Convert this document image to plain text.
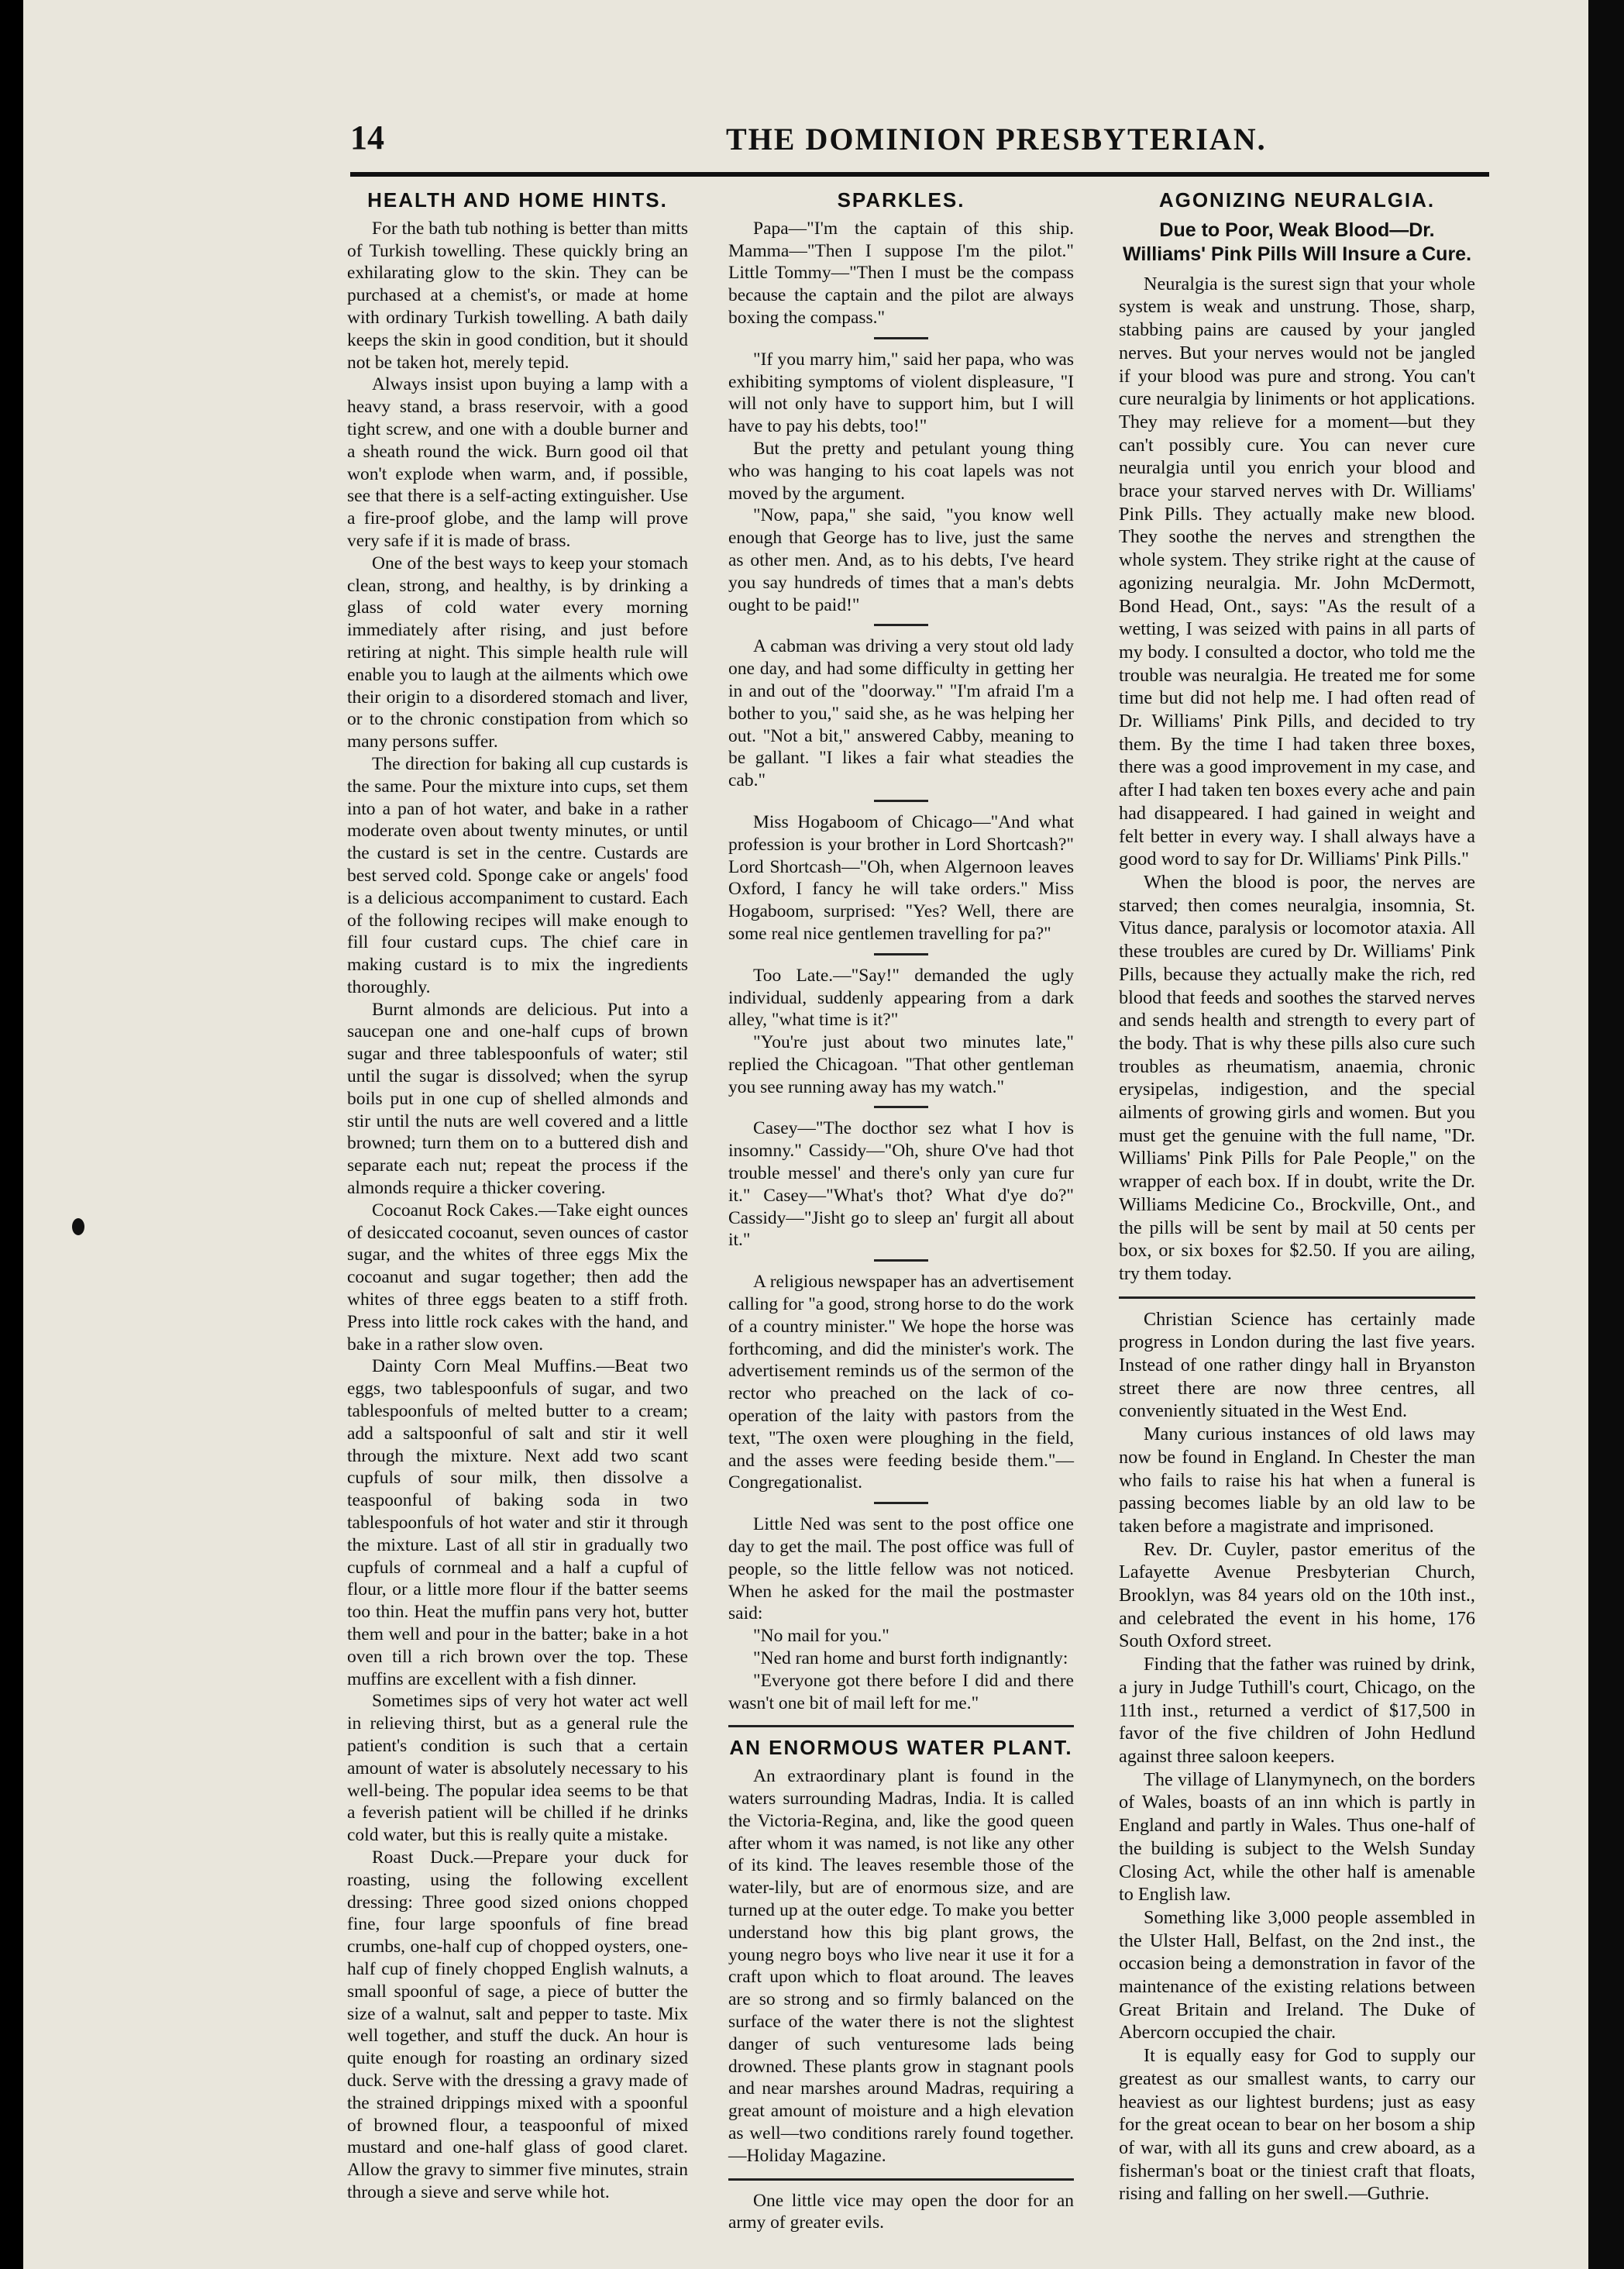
14	THE DOMINION PRESBYTERIAN.
HEALTH AND HOME HINTS.

For the bath tub nothing is better than mitts of Turkish towelling. These quickly bring an exhilarating glow to the skin. They can be purchased at a chemist's, or made at home with ordinary Turkish towelling. A bath daily keeps the skin in good condition, but it should not be taken hot, merely tepid.

Always insist upon buying a lamp with a heavy stand, a brass reservoir, with a good tight screw, and one with a double burner and a sheath round the wick. Burn good oil that won't explode when warm, and, if possible, see that there is a self-acting extinguisher. Use a fire-proof globe, and the lamp will prove very safe if it is made of brass.

One of the best ways to keep your stomach clean, strong, and healthy, is by drinking a glass of cold water every morning immediately after rising, and just before retiring at night. This simple health rule will enable you to laugh at the ailments which owe their origin to a disordered stomach and liver, or to the chronic constipation from which so many persons suffer.

The direction for baking all cup custards is the same. Pour the mixture into cups, set them into a pan of hot water, and bake in a rather moderate oven about twenty minutes, or until the custard is set in the centre. Custards are best served cold. Sponge cake or angels' food is a delicious accompaniment to custard. Each of the following recipes will make enough to fill four custard cups. The chief care in making custard is to mix the ingredients thoroughly.

Burnt almonds are delicious. Put into a saucepan one and one-half cups of brown sugar and three tablespoonfuls of water; stil until the sugar is dissolved; when the syrup boils put in one cup of shelled almonds and stir until the nuts are well covered and a little browned; turn them on to a buttered dish and separate each nut; repeat the process if the almonds require a thicker covering.

Cocoanut Rock Cakes.—Take eight ounces of desiccated cocoanut, seven ounces of castor sugar, and the whites of three eggs Mix the cocoanut and sugar together; then add the whites of three eggs beaten to a stiff froth. Press into little rock cakes with the hand, and bake in a rather slow oven.

Dainty Corn Meal Muffins.—Beat two eggs, two tablespoonfuls of sugar, and two tablespoonfuls of melted butter to a cream; add a saltspoonful of salt and stir it well through the mixture. Next add two scant cupfuls of sour milk, then dissolve a teaspoonful of baking soda in two tablespoonfuls of hot water and stir it through the mixture. Last of all stir in gradually two cupfuls of cornmeal and a half a cupful of flour, or a little more flour if the batter seems too thin. Heat the muffin pans very hot, butter them well and pour in the batter; bake in a hot oven till a rich brown over the top. These muffins are excellent with a fish dinner.

Sometimes sips of very hot water act well in relieving thirst, but as a general rule the patient's condition is such that a certain amount of water is absolutely necessary to his well-being. The popular idea seems to be that a feverish patient will be chilled if he drinks cold water, but this is really quite a mistake.

Roast Duck.—Prepare your duck for roasting, using the following excellent dressing: Three good sized onions chopped fine, four large spoonfuls of fine bread crumbs, one-half cup of chopped oysters, one-half cup of finely chopped English walnuts, a small spoonful of sage, a piece of butter the size of a walnut, salt and pepper to taste. Mix well together, and stuff the duck. An hour is quite enough for roasting an ordinary sized duck. Serve with the dressing a gravy made of the strained drippings mixed with a spoonful of browned flour, a teaspoonful of mixed mustard and one-half glass of good claret. Allow the gravy to simmer five minutes, strain through a sieve and serve while hot.

SPARKLES.

Papa—"I'm the captain of this ship. Mamma—"Then I suppose I'm the pilot." Little Tommy—"Then I must be the compass because the captain and the pilot are always boxing the compass."

"If you marry him," said her papa, who was exhibiting symptoms of violent displeasure, "I will not only have to support him, but I will have to pay his debts, too!"

But the pretty and petulant young thing who was hanging to his coat lapels was not moved by the argument.

"Now, papa," she said, "you know well enough that George has to live, just the same as other men. And, as to his debts, I've heard you say hundreds of times that a man's debts ought to be paid!"

A cabman was driving a very stout old lady one day, and had some difficulty in getting her in and out of the "doorway." "I'm afraid I'm a bother to you," said she, as he was helping her out. "Not a bit," answered Cabby, meaning to be gallant. "I likes a fair what steadies the cab."

Miss Hogaboom of Chicago—"And what profession is your brother in Lord Shortcash?" Lord Shortcash—"Oh, when Algernoon leaves Oxford, I fancy he will take orders." Miss Hogaboom, surprised: "Yes? Well, there are some real nice gentlemen travelling for pa?"

Too Late.—"Say!" demanded the ugly individual, suddenly appearing from a dark alley, "what time is it?"

"You're just about two minutes late," replied the Chicagoan. "That other gentleman you see running away has my watch."

Casey—"The docthor sez what I hov is insomny." Cassidy—"Oh, shure O've had thot trouble messel' and there's only yan cure fur it." Casey—"What's thot? What d'ye do?" Cassidy—"Jisht go to sleep an' furgit all about it."

A religious newspaper has an advertisement calling for "a good, strong horse to do the work of a country minister." We hope the horse was forthcoming, and did the minister's work. The advertisement reminds us of the sermon of the rector who preached on the lack of co-operation of the laity with pastors from the text, "The oxen were ploughing in the field, and the asses were feeding beside them."—Congregationalist.

Little Ned was sent to the post office one day to get the mail. The post office was full of people, so the little fellow was not noticed. When he asked for the mail the postmaster said:

"No mail for you."

"Ned ran home and burst forth indignantly:

"Everyone got there before I did and there wasn't one bit of mail left for me."

AN ENORMOUS WATER PLANT.

An extraordinary plant is found in the waters surrounding Madras, India. It is called the Victoria-Regina, and, like the good queen after whom it was named, is not like any other of its kind. The leaves resemble those of the water-lily, but are of enormous size, and are turned up at the outer edge. To make you better understand how this big plant grows, the young negro boys who live near it use it for a craft upon which to float around. The leaves are so strong and so firmly balanced on the surface of the water there is not the slightest danger of such venturesome lads being drowned. These plants grow in stagnant pools and near marshes around Madras, requiring a great amount of moisture and a high elevation as well—two conditions rarely found together.—Holiday Magazine.

One little vice may open the door for an army of greater evils.

AGONIZING NEURALGIA.
Due to Poor, Weak Blood—Dr. Williams' Pink Pills Will Insure a Cure.

Neuralgia is the surest sign that your whole system is weak and unstrung. Those, sharp, stabbing pains are caused by your jangled nerves. But your nerves would not be jangled if your blood was pure and strong. You can't cure neuralgia by liniments or hot applications. They may relieve for a moment—but they can't possibly cure. You can never cure neuralgia until you enrich your blood and brace your starved nerves with Dr. Williams' Pink Pills. They actually make new blood. They soothe the nerves and strengthen the whole system. They strike right at the cause of agonizing neuralgia. Mr. John McDermott, Bond Head, Ont., says: "As the result of a wetting, I was seized with pains in all parts of my body. I consulted a doctor, who told me the trouble was neuralgia. He treated me for some time but did not help me. I had often read of Dr. Williams' Pink Pills, and decided to try them. By the time I had taken three boxes, there was a good improvement in my case, and after I had taken ten boxes every ache and pain had disappeared. I had gained in weight and felt better in every way. I shall always have a good word to say for Dr. Williams' Pink Pills."

When the blood is poor, the nerves are starved; then comes neuralgia, insomnia, St. Vitus dance, paralysis or locomotor ataxia. All these troubles are cured by Dr. Williams' Pink Pills, because they actually make the rich, red blood that feeds and soothes the starved nerves and sends health and strength to every part of the body. That is why these pills also cure such troubles as rheumatism, anaemia, chronic erysipelas, indigestion, and the special ailments of growing girls and women. But you must get the genuine with the full name, "Dr. Williams' Pink Pills for Pale People," on the wrapper of each box. If in doubt, write the Dr. Williams Medicine Co., Brockville, Ont., and the pills will be sent by mail at 50 cents per box, or six boxes for $2.50. If you are ailing, try them today.

Christian Science has certainly made progress in London during the last five years. Instead of one rather dingy hall in Bryanston street there are now three centres, all conveniently situated in the West End.

Many curious instances of old laws may now be found in England. In Chester the man who fails to raise his hat when a funeral is passing becomes liable by an old law to be taken before a magistrate and imprisoned.

Rev. Dr. Cuyler, pastor emeritus of the Lafayette Avenue Presbyterian Church, Brooklyn, was 84 years old on the 10th inst., and celebrated the event in his home, 176 South Oxford street.

Finding that the father was ruined by drink, a jury in Judge Tuthill's court, Chicago, on the 11th inst., returned a verdict of $17,500 in favor of the five children of John Hedlund against three saloon keepers.

The village of Llanymynech, on the borders of Wales, boasts of an inn which is partly in England and partly in Wales. Thus one-half of the building is subject to the Welsh Sunday Closing Act, while the other half is amenable to English law.

Something like 3,000 people assembled in the Ulster Hall, Belfast, on the 2nd inst., the occasion being a demonstration in favor of the maintenance of the existing relations between Great Britain and Ireland. The Duke of Abercorn occupied the chair.

It is equally easy for God to supply our greatest as our smallest wants, to carry our heaviest as our lightest burdens; just as easy for the great ocean to bear on her bosom a ship of war, with all its guns and crew aboard, as a fisherman's boat or the tiniest craft that floats, rising and falling on her swell.—Guthrie.
